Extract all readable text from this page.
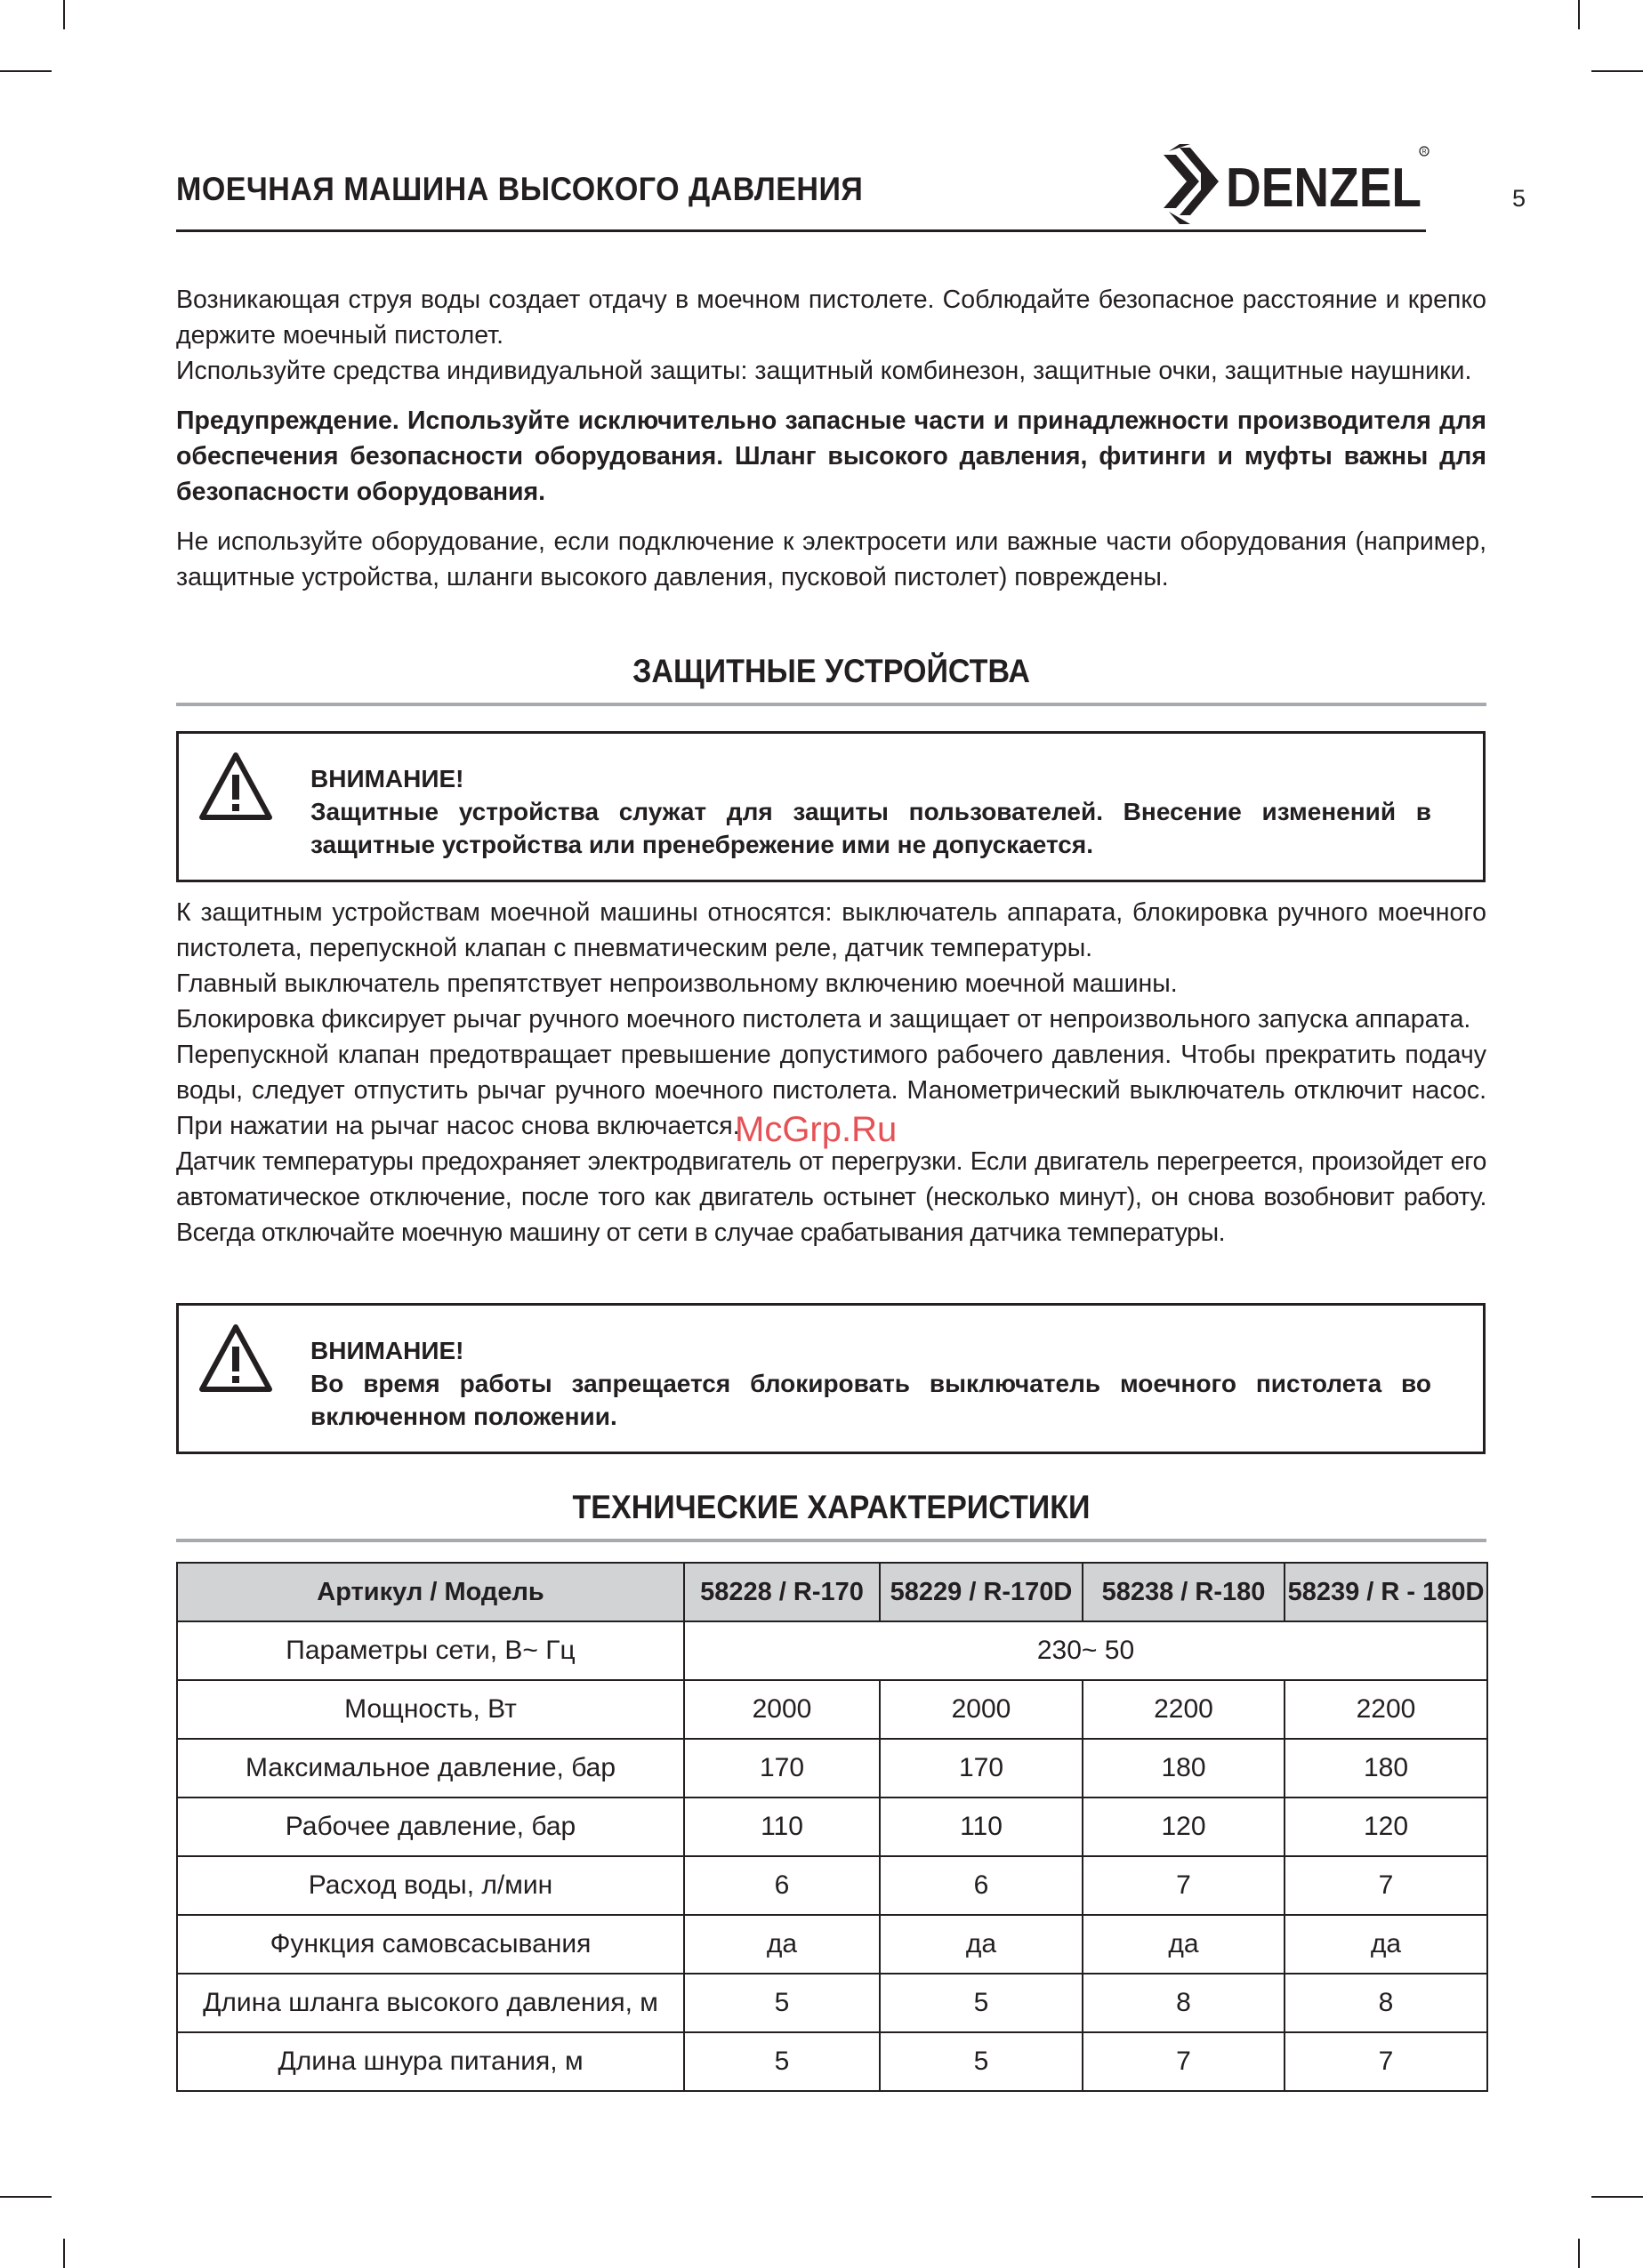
МОЕЧНАЯ МАШИНА ВЫСОКОГО ДАВЛЕНИЯ	DENZEL
R
5

Возникающая струя воды создает отдачу в моечном пистолете. Соблюдайте безопасное расстояние и крепко держите моечный пистолет.

Используйте средства индивидуальной защиты: защитный комбинезон, защитные очки, защитные наушники.

Предупреждение. Используйте исключительно запасные части и принадлежности производителя для обеспечения безопасности оборудования. Шланг высокого давления, фитинги и муфты важны для безопасности оборудования.

Не используйте оборудование, если подключение к электросети или важные части оборудования (например, защитные устройства, шланги высокого давления, пусковой пистолет) повреждены.

ЗАЩИТНЫЕ УСТРОЙСТВА
ВНИМАНИЕ!
Защитные устройства служат для защиты пользователей. Внесение изменений в защитные устройства или пренебрежение ими не допускается.

К защитным устройствам моечной машины относятся: выключатель аппарата, блокировка ручного моечного пистолета, перепускной клапан с пневматическим реле, датчик температуры.

Главный выключатель препятствует непроизвольному включению моечной машины.

Блокировка фиксирует рычаг ручного моечного пистолета и защищает от непроизвольного запуска аппарата.

Перепускной клапан предотвращает превышение допустимого рабочего давления. Чтобы прекратить подачу воды, следует отпустить рычаг ручного моечного пистолета. Манометрический выключатель отключит насос. При нажатии на рычаг насос снова включается.

Датчик температуры предохраняет электродвигатель от перегрузки. Если двигатель перегреется, произойдет его автоматическое отключение, после того как двигатель остынет (несколько минут), он снова возобновит работу. Всегда отключайте моечную машину от сети в случае срабатывания датчика температуры.

McGrp.Ru
ВНИМАНИЕ!
Во время работы запрещается блокировать выключатель моечного пистолета во включенном положении.
ТЕХНИЧЕСКИЕ ХАРАКТЕРИСТИКИ
Артикул / Модель	58228 / R-170	58229 / R-170D	58238 / R-180	58239 / R - 180D
Параметры сети, В~ Гц	230~ 50			
Мощность, Вт	2000	2000	2200	2200
Максимальное давление, бар	170	170	180	180
Рабочее давление, бар	110	110	120	120
Расход воды, л/мин	6	6	7	7
Функция самовсасывания	да	да	да	да
Длина шланга высокого давления, м	5	5	8	8
Длина шнура питания, м	5	5	7	7
